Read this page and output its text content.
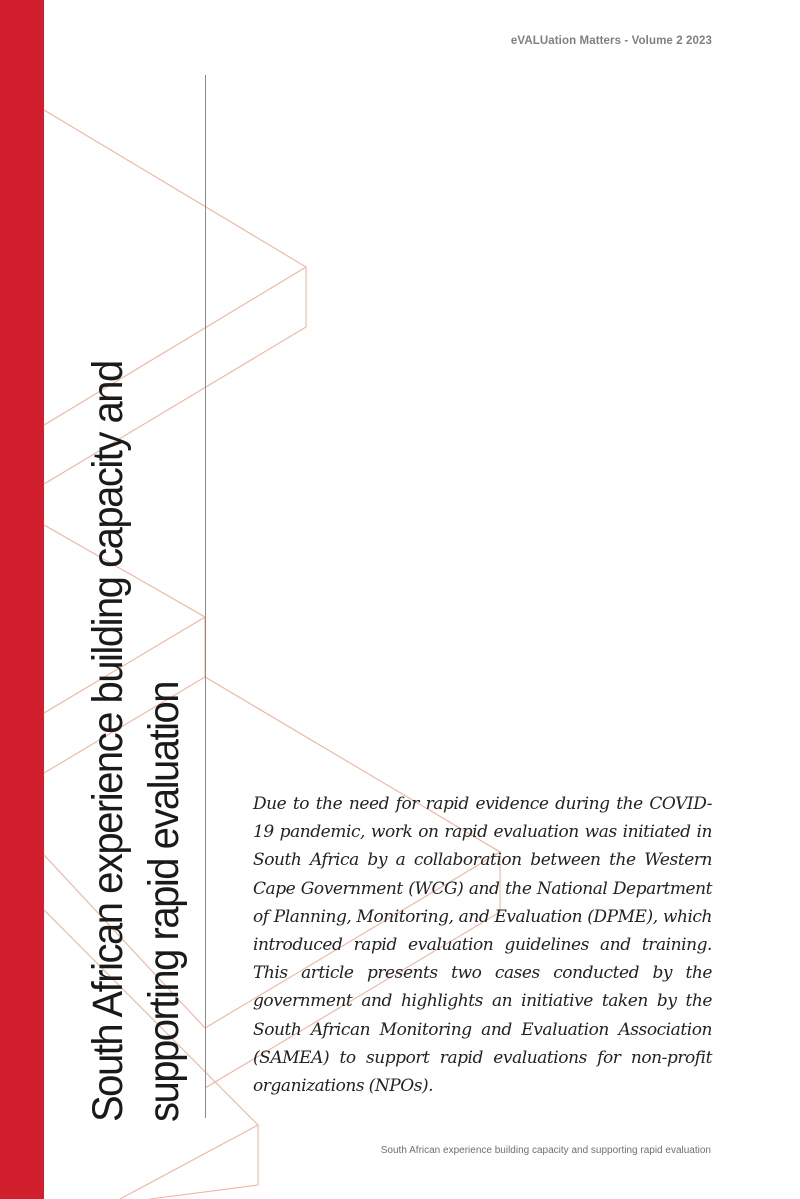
eVALUation Matters - Volume 2 2023
South African experience building capacity and supporting rapid evaluation	Due to the need for rapid evidence during the COVID-19 pandemic, work on rapid evaluation was initiated in South Africa by a collaboration between the Western Cape Government (WCG) and the National Department of Planning, Monitoring, and Evaluation (DPME), which introduced rapid evaluation guidelines and training. This article presents two cases conducted by the government and highlights an initiative taken by the South African Monitoring and Evaluation Association (SAMEA) to support rapid evaluations for non-profit organizations (NPOs).
South African experience building capacity and supporting rapid evaluation
